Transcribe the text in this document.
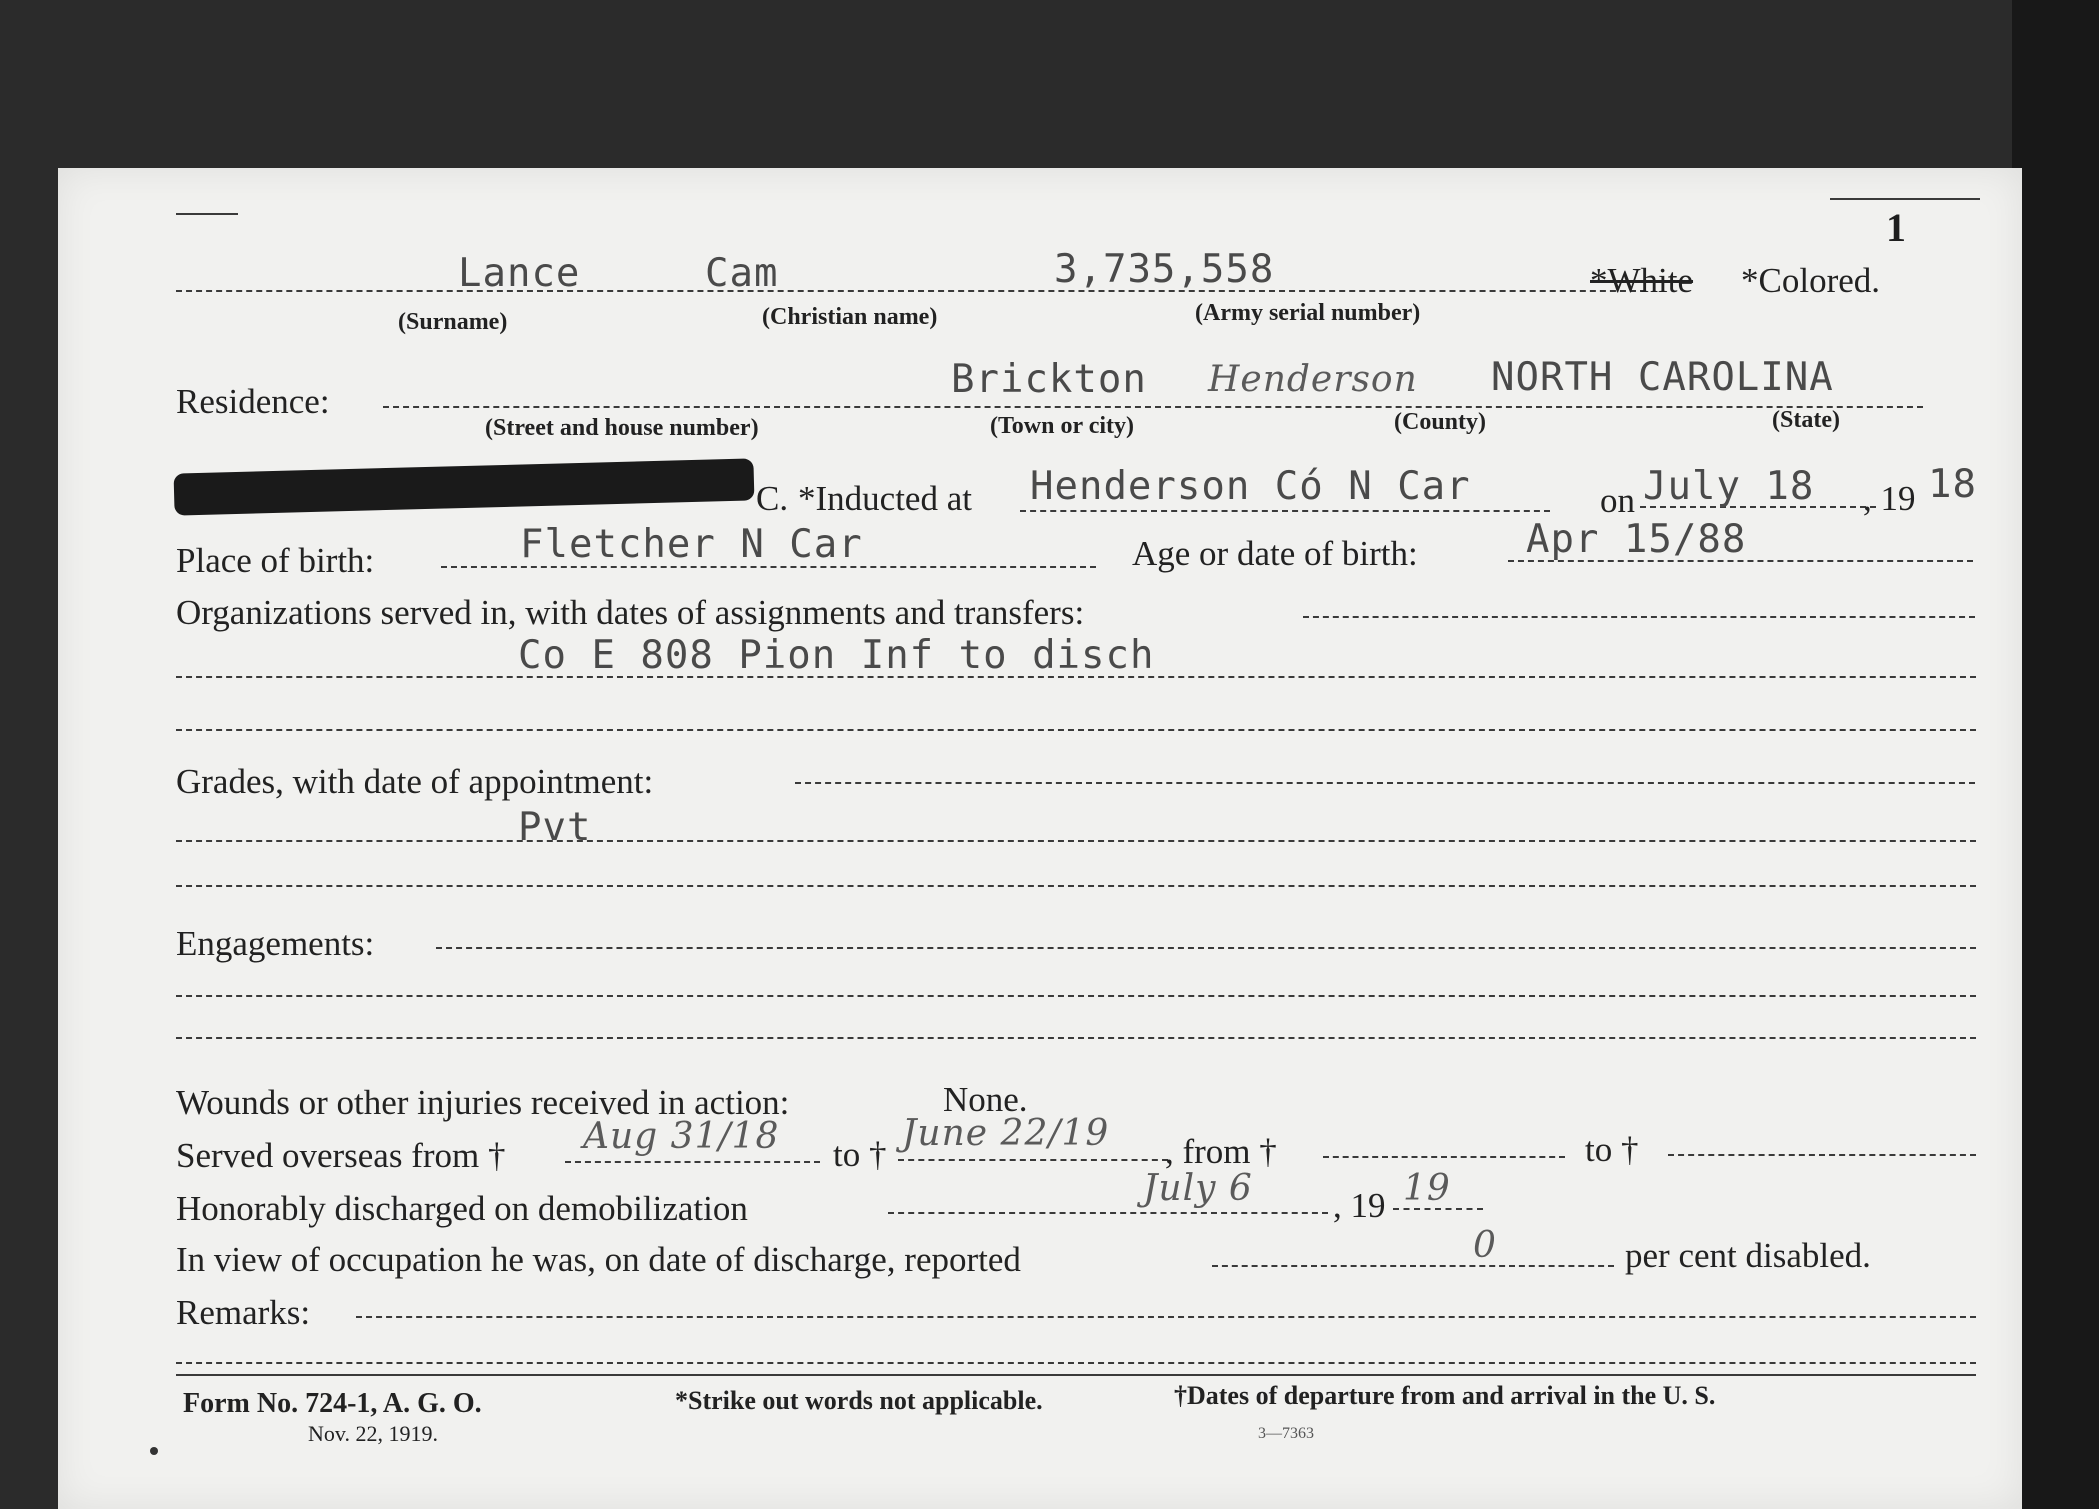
1
Lance	Cam	3,735,558	*White *Colored.
(Surname)	(Christian name)	(Army serial number)
Residence:	Brickton Henderson NORTH CAROLINA
(Street and house number)	(Town or city)	(County)	(State)
C. *Inducted at Henderson Có N Car	on July 18 , 19 18
Place of birth:	Fletcher N Car	Age or date of birth:	Apr 15/88
Organizations served in, with dates of assignments and transfers:
Co E 808 Pion Inf to disch
Grades, with date of appointment:
Pvt
Engagements:
Wounds or other injuries received in action:	None.
Served overseas from † Aug 31/18 to †
June 22/19 , from †	to †
Honorably discharged on demobilization	July 6 , 19 19
In view of occupation he was, on date of discharge, reported	0	per cent disabled.
Remarks:
Form No. 724-1, A. G. O.
Nov. 22, 1919.
*Strike out words not applicable.	†Dates of departure from and arrival in the U. S.
3—7363
